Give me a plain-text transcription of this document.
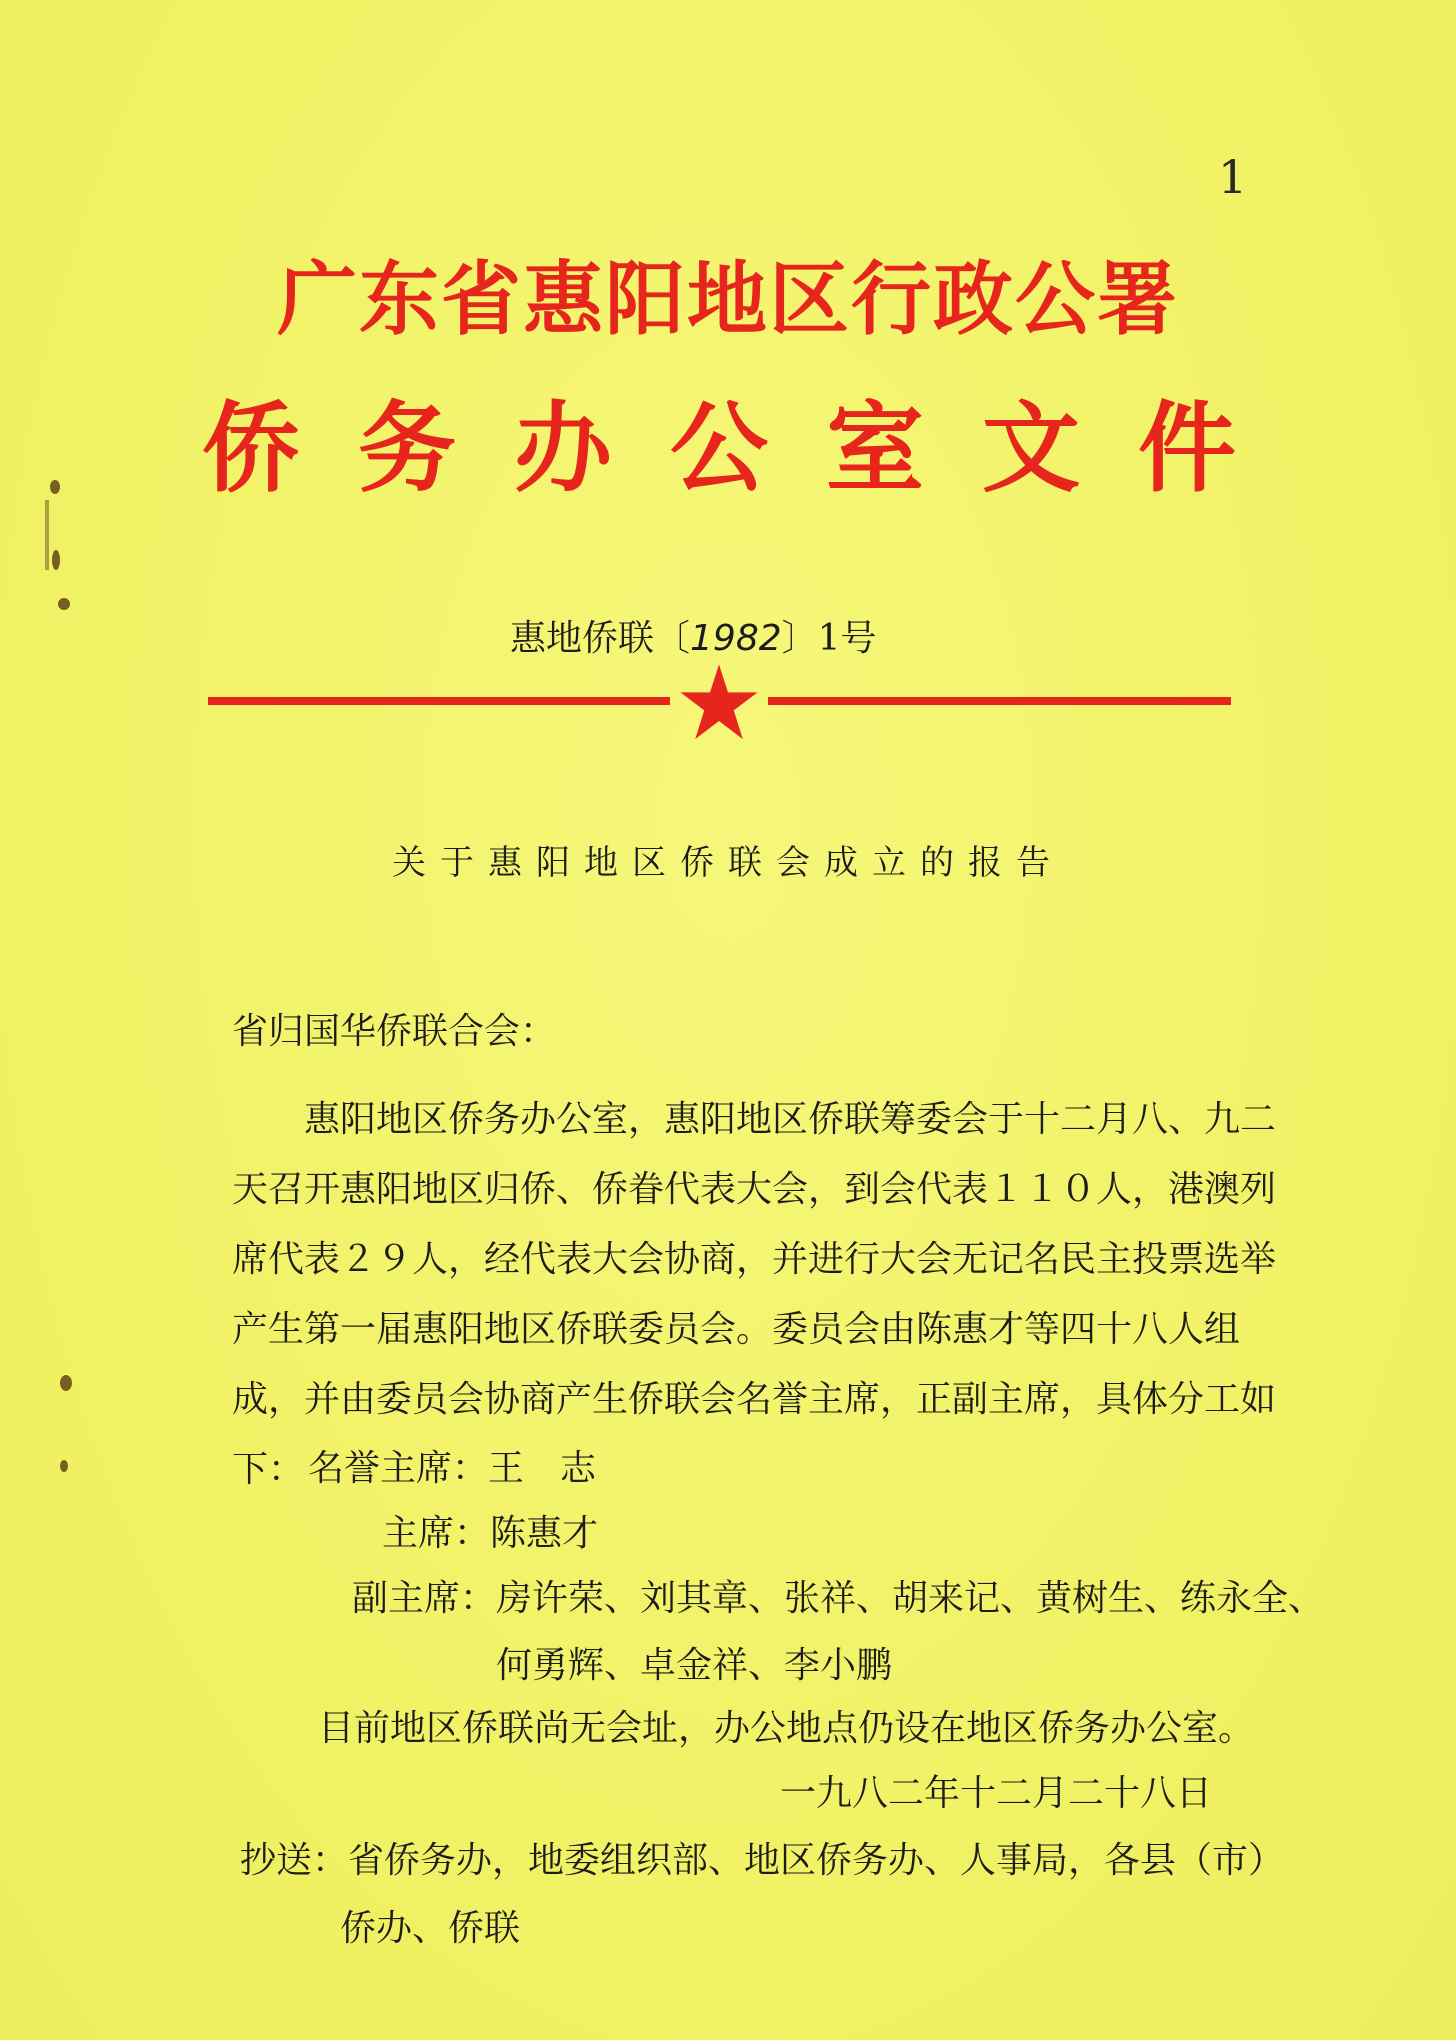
1
广东省惠阳地区行政公署
侨务办公室文件
惠地侨联〔1982〕1号
关于惠阳地区侨联会成立的报告
省归国华侨联合会：
惠阳地区侨务办公室，惠阳地区侨联筹委会于十二月八、九二天召开惠阳地区归侨、侨眷代表大会，到会代表１１０人，港澳列席代表２９人，经代表大会协商，并进行大会无记名民主投票选举产生第一届惠阳地区侨联委员会。委员会由陈惠才等四十八人组成，并由委员会协商产生侨联会名誉主席，正副主席，具体分工如下： 名誉主席：王　志
主席：陈惠才
副主席：房许荣、刘其章、张祥、胡来记、黄树生、练永全、
何勇辉、卓金祥、李小鹏
目前地区侨联尚无会址，办公地点仍设在地区侨务办公室。
一九八二年十二月二十八日
抄送：省侨务办，地委组织部、地区侨务办、人事局，各县（市）
侨办、侨联
